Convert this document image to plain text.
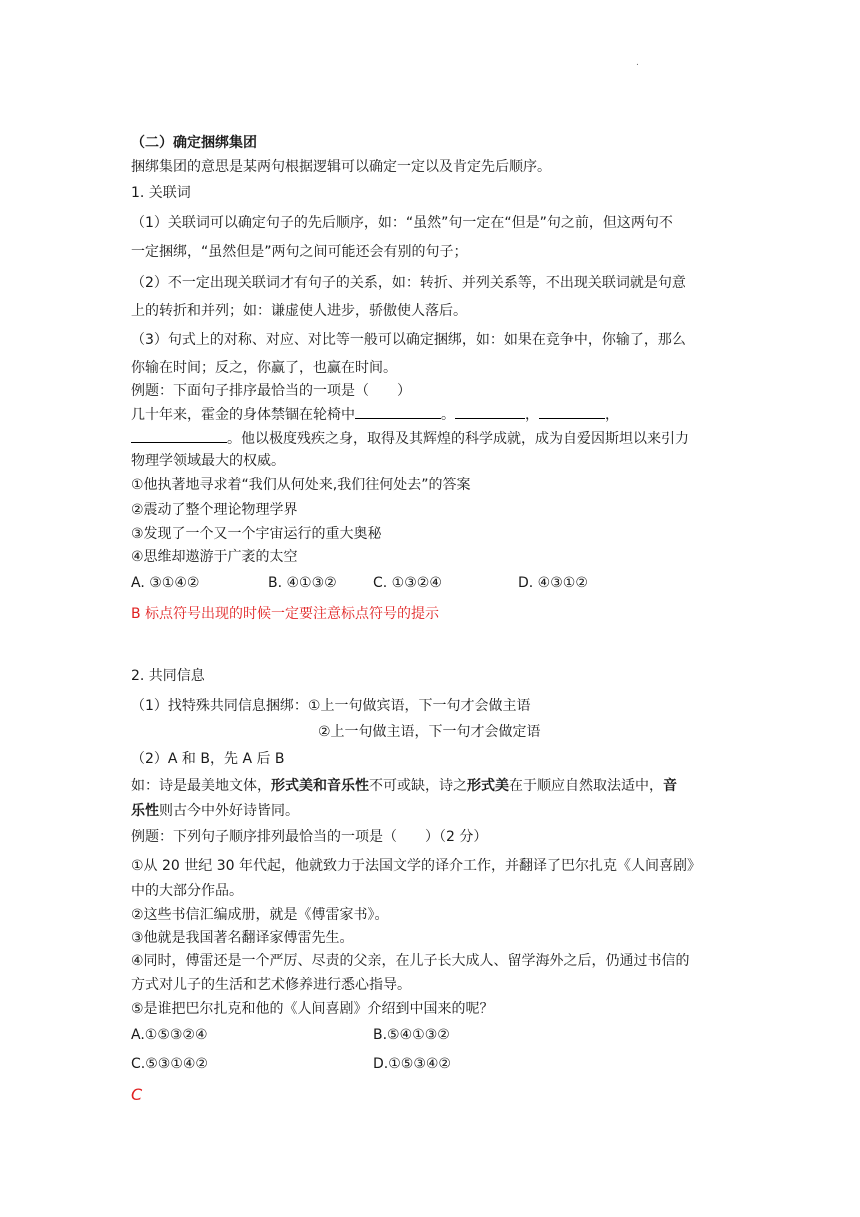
.
（二）确定捆绑集团
捆绑集团的意思是某两句根据逻辑可以确定一定以及肯定先后顺序。
1. 关联词
（1）关联词可以确定句子的先后顺序，如：“虽然”句一定在“但是”句之前，但这两句不
一定捆绑，“虽然但是”两句之间可能还会有别的句子；
（2）不一定出现关联词才有句子的关系，如：转折、并列关系等，不出现关联词就是句意
上的转折和并列；如：谦虚使人进步，骄傲使人落后。
（3）句式上的对称、对应、对比等一般可以确定捆绑，如：如果在竞争中，你输了，那么
你输在时间；反之，你赢了，也赢在时间。
例题：下面句子排序最恰当的一项是（　　）
几十年来，霍金的身体禁锢在轮椅中	。	，	，
。他以极度残疾之身，取得及其辉煌的科学成就，成为自爱因斯坦以来引力
物理学领域最大的权威。
①他执著地寻求着“我们从何处来,我们往何处去”的答案
②震动了整个理论物理学界
③发现了一个又一个宇宙运行的重大奥秘
④思维却遨游于广袤的太空
A. ③①④②	B. ④①③②	C. ①③②④	D. ④③①②
B 标点符号出现的时候一定要注意标点符号的提示
2. 共同信息
（1）找特殊共同信息捆绑：①上一句做宾语，下一句才会做主语
②上一句做主语，下一句才会做定语
（2）A 和 B，先 A 后 B
如：诗是最美地文体，形式美和音乐性不可或缺，诗之形式美在于顺应自然取法适中，音
乐性则古今中外好诗皆同。
例题：下列句子顺序排列最恰当的一项是（　　）（2 分）
①从 20 世纪 30 年代起，他就致力于法国文学的译介工作，并翻译了巴尔扎克《人间喜剧》
中的大部分作品。
②这些书信汇编成册，就是《傅雷家书》。
③他就是我国著名翻译家傅雷先生。
④同时，傅雷还是一个严厉、尽责的父亲，在儿子长大成人、留学海外之后，仍通过书信的
方式对儿子的生活和艺术修养进行悉心指导。
⑤是谁把巴尔扎克和他的《人间喜剧》介绍到中国来的呢？
A.①⑤③②④	B.⑤④①③②
C.⑤③①④②	D.①⑤③④②
C
